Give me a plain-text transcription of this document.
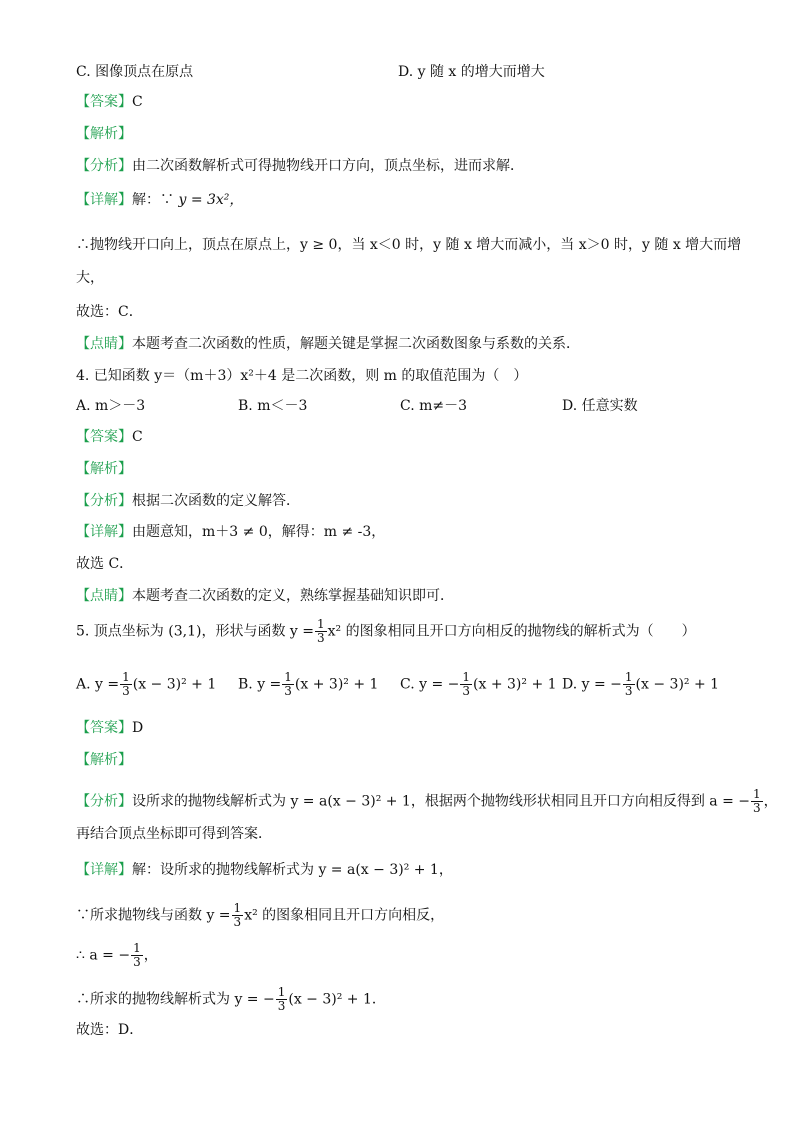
C. 图像顶点在原点	D. y 随 x 的增大而增大
【答案】C
【解析】
【分析】由二次函数解析式可得抛物线开口方向，顶点坐标，进而求解．
【详解】解：∵ y = 3x²，
∴抛物线开口向上，顶点在原点上，y ≥ 0，当 x＜0 时，y 随 x 增大而减小，当 x＞0 时，y 随 x 增大而增
大，
故选：C．
【点睛】本题考查二次函数的性质，解题关键是掌握二次函数图象与系数的关系．
4. 已知函数 y＝（m＋3）x²＋4 是二次函数，则 m 的取值范围为（　）
A. m＞－3	B. m＜－3	C. m≠－3	D. 任意实数
【答案】C
【解析】
【分析】根据二次函数的定义解答．
【详解】由题意知，m＋3 ≠ 0，解得：m ≠ -3，
故选 C．
【点睛】本题考查二次函数的定义，熟练掌握基础知识即可．
5. 顶点坐标为 (3,1)，形状与函数 $y = \frac{1}{3} x^2$ 的图象相同且开口方向相反的抛物线的解析式为（　　）
A. $y = \frac{1}{3} (x - 3)^2 + 1$ B. $y = \frac{1}{3} (x + 3)^2 + 1$ C. y = − $\frac{1}{3} (x + 3)^2 + 1$ D. y = − $\frac{1}{3} (x - 3)^2 + 1$
【答案】D
【解析】
【分析】设所求的抛物线解析式为 y = a(x − 3)² + 1，根据两个抛物线形状相同且开口方向相反得到 a = − $\frac{1}{3}$ ，
再结合顶点坐标即可得到答案．
【详解】解：设所求的抛物线解析式为 y = a(x − 3)² + 1，
∵所求抛物线与函数 $y = \frac{1}{3} x^2$ 的图象相同且开口方向相反，
∴ a = − $\frac{1}{3}$ ，
∴所求的抛物线解析式为 y = − $\frac{1}{3} (x - 3)^2 + 1$．
故选：D．
